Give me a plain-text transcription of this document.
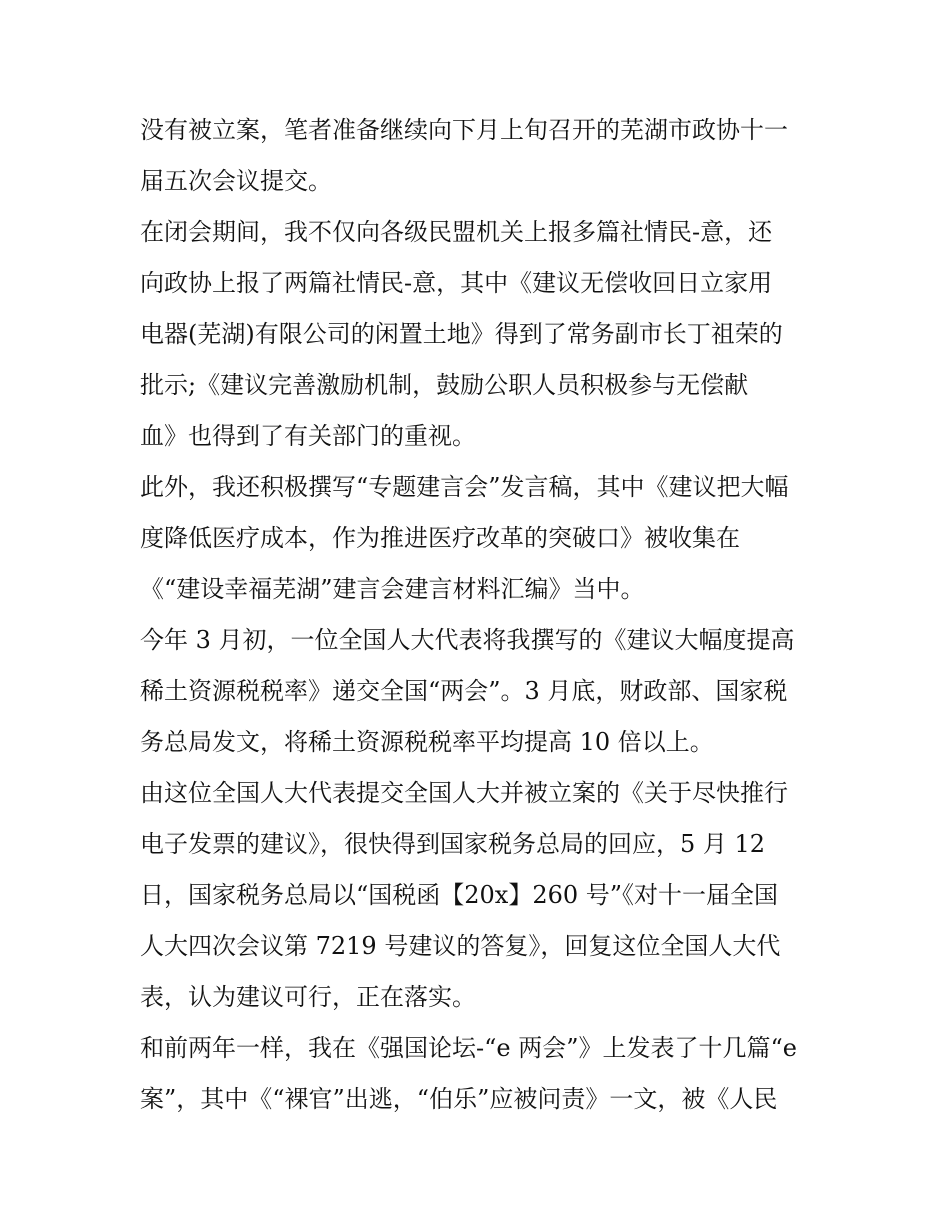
没有被立案，笔者准备继续向下月上旬召开的芜湖市政协十一
届五次会议提交。
在闭会期间，我不仅向各级民盟机关上报多篇社情民-意，还
向政协上报了两篇社情民-意，其中《建议无偿收回日立家用
电器(芜湖)有限公司的闲置土地》得到了常务副市长丁祖荣的
批示;《建议完善激励机制，鼓励公职人员积极参与无偿献
血》也得到了有关部门的重视。
此外，我还积极撰写“专题建言会”发言稿，其中《建议把大幅
度降低医疗成本，作为推进医疗改革的突破口》被收集在
《“建设幸福芜湖”建言会建言材料汇编》当中。
今年 3 月初，一位全国人大代表将我撰写的《建议大幅度提高
稀土资源税税率》递交全国“两会”。3 月底，财政部、国家税
务总局发文，将稀土资源税税率平均提高 10 倍以上。
由这位全国人大代表提交全国人大并被立案的《关于尽快推行
电子发票的建议》，很快得到国家税务总局的回应，5 月 12
日，国家税务总局以“国税函【20x】260 号”《对十一届全国
人大四次会议第 7219 号建议的答复》，回复这位全国人大代
表，认为建议可行，正在落实。
和前两年一样，我在《强国论坛-“e 两会”》上发表了十几篇“e
案”，其中《“裸官”出逃，“伯乐”应被问责》一文，被《人民
